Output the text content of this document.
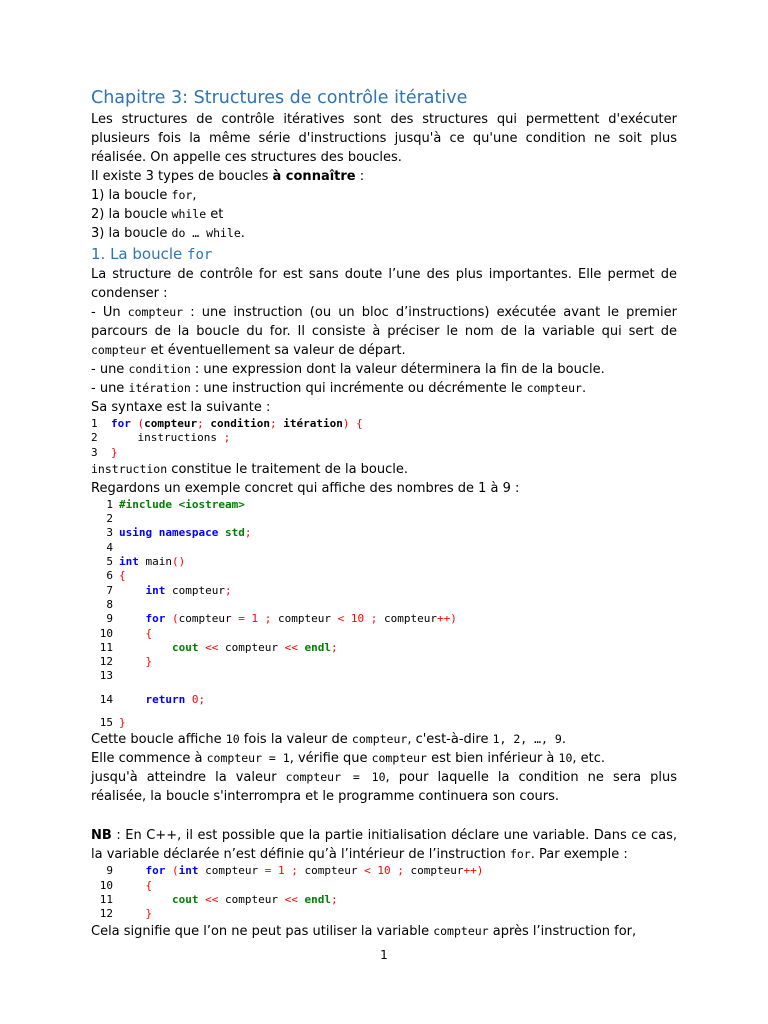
Chapitre 3: Structures de contrôle itérative

Les structures de contrôle itératives sont des structures qui permettent d'exécuter plusieurs fois la même série d'instructions jusqu'à ce qu'une condition ne soit plus réalisée. On appelle ces structures des boucles.

Il existe 3 types de boucles à connaître :

1) la boucle for,

2) la boucle while et

3) la boucle do … while.

1. La boucle for

La structure de contrôle for est sans doute l’une des plus importantes. Elle permet de condenser :

- Un compteur : une instruction (ou un bloc d’instructions) exécutée avant le premier parcours de la boucle du for. Il consiste à préciser le nom de la variable qui sert de compteur et éventuellement sa valeur de départ.

- une condition : une expression dont la valeur déterminera la fin de la boucle.

- une itération : une instruction qui incrémente ou décrémente le compteur.

Sa syntaxe est la suivante :

1 for (compteur; condition; itération) {
2	instructions ;
3 }

instruction constitue le traitement de la boucle.

Regardons un exemple concret qui affiche des nombres de 1 à 9 :

1 #include <iostream>
2
3 using namespace std;
4
5 int main()
6 {
7	int compteur;
8
9	for (compteur = 1 ; compteur < 10 ; compteur++)
10	{
11	cout << compteur << endl;
12	}
13

14	return 0;

15 }

Cette boucle affiche 10 fois la valeur de compteur, c'est-à-dire 1, 2, …, 9.

Elle commence à compteur = 1, vérifie que compteur est bien inférieur à 10, etc.

jusqu'à atteindre la valeur compteur = 10, pour laquelle la condition ne sera plus

réalisée, la boucle s'interrompra et le programme continuera son cours.

NB : En C++, il est possible que la partie initialisation déclare une variable. Dans ce cas, la variable déclarée n’est définie qu’à l’intérieur de l’instruction for. Par exemple :

9	for (int compteur = 1 ; compteur < 10 ; compteur++)
10	{
11	cout << compteur << endl;
12	}

Cela signifie que l’on ne peut pas utiliser la variable compteur après l’instruction for,

1
